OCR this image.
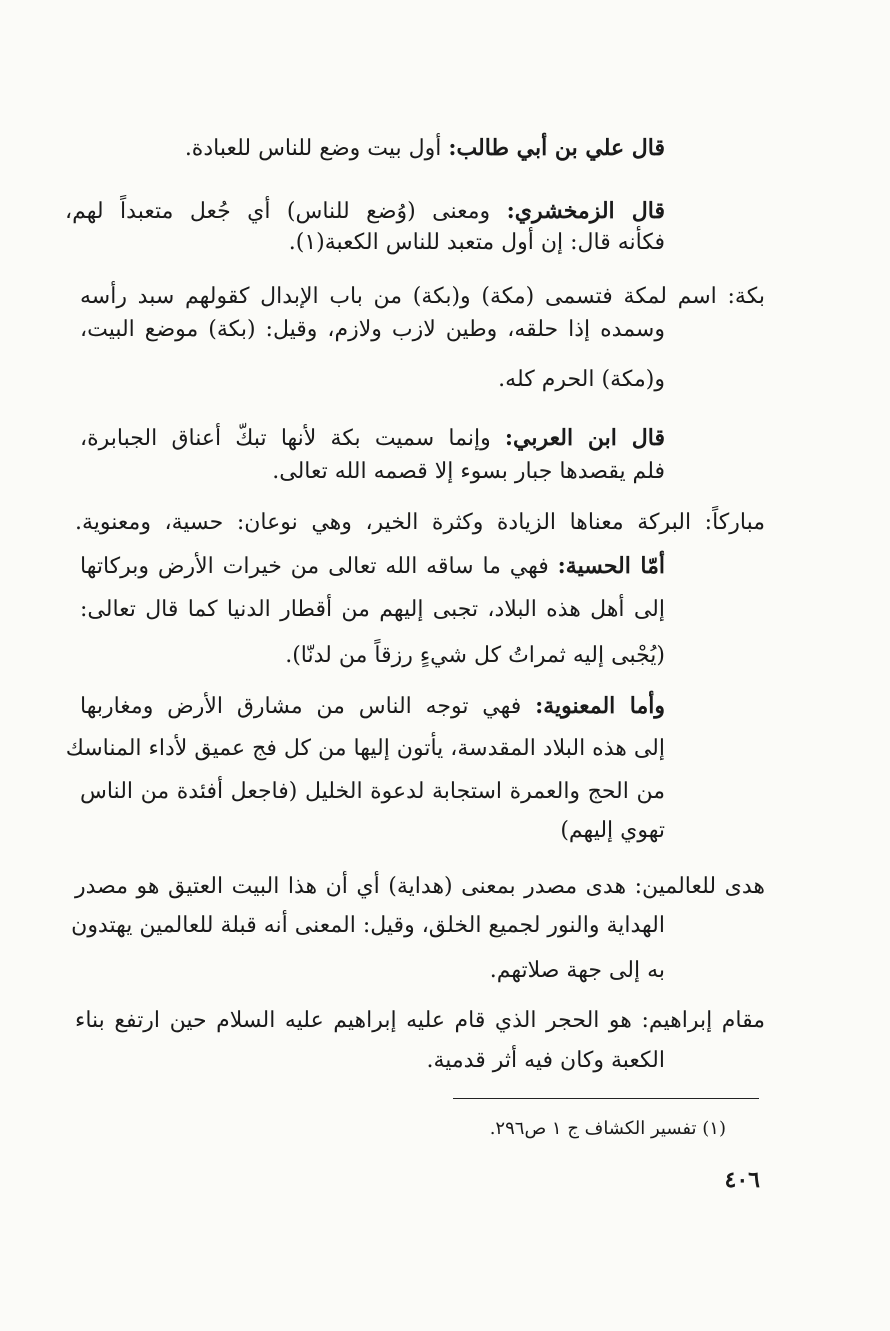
قال علي بن أبي طالب: أول بيت وضع للناس للعبادة.
قال الزمخشري: ومعنى (وُضع للناس) أي جُعل متعبداً لهم،
فكأنه قال: إن أول متعبد للناس الكعبة(١).
بكة: اسم لمكة فتسمى (مكة) و(بكة) من باب الإبدال كقولهم سبد رأسه
وسمده إذا حلقه، وطين لازب ولازم، وقيل: (بكة) موضع البيت،
و(مكة) الحرم كله.
قال ابن العربي: وإنما سميت بكة لأنها تبكّ أعناق الجبابرة،
فلم يقصدها جبار بسوء إلا قصمه الله تعالى.
مباركاً: البركة معناها الزيادة وكثرة الخير، وهي نوعان: حسية، ومعنوية.
أمّا الحسية: فهي ما ساقه الله تعالى من خيرات الأرض وبركاتها
إلى أهل هذه البلاد، تجبى إليهم من أقطار الدنيا كما قال تعالى:
(يُجْبى إليه ثمراتُ كل شيءٍ رزقاً من لدنّا).
وأما المعنوية: فهي توجه الناس من مشارق الأرض ومغاربها
إلى هذه البلاد المقدسة، يأتون إليها من كل فج عميق لأداء المناسك
من الحج والعمرة استجابة لدعوة الخليل (فاجعل أفئدة من الناس
تهوي إليهم)
هدى للعالمين: هدى مصدر بمعنى (هداية) أي أن هذا البيت العتيق هو مصدر
الهداية والنور لجميع الخلق، وقيل: المعنى أنه قبلة للعالمين يهتدون
به إلى جهة صلاتهم.
مقام إبراهيم: هو الحجر الذي قام عليه إبراهيم عليه السلام حين ارتفع بناء
الكعبة وكان فيه أثر قدمية.
(١) تفسير الكشاف ج ١ ص٢٩٦.
٤٠٦
